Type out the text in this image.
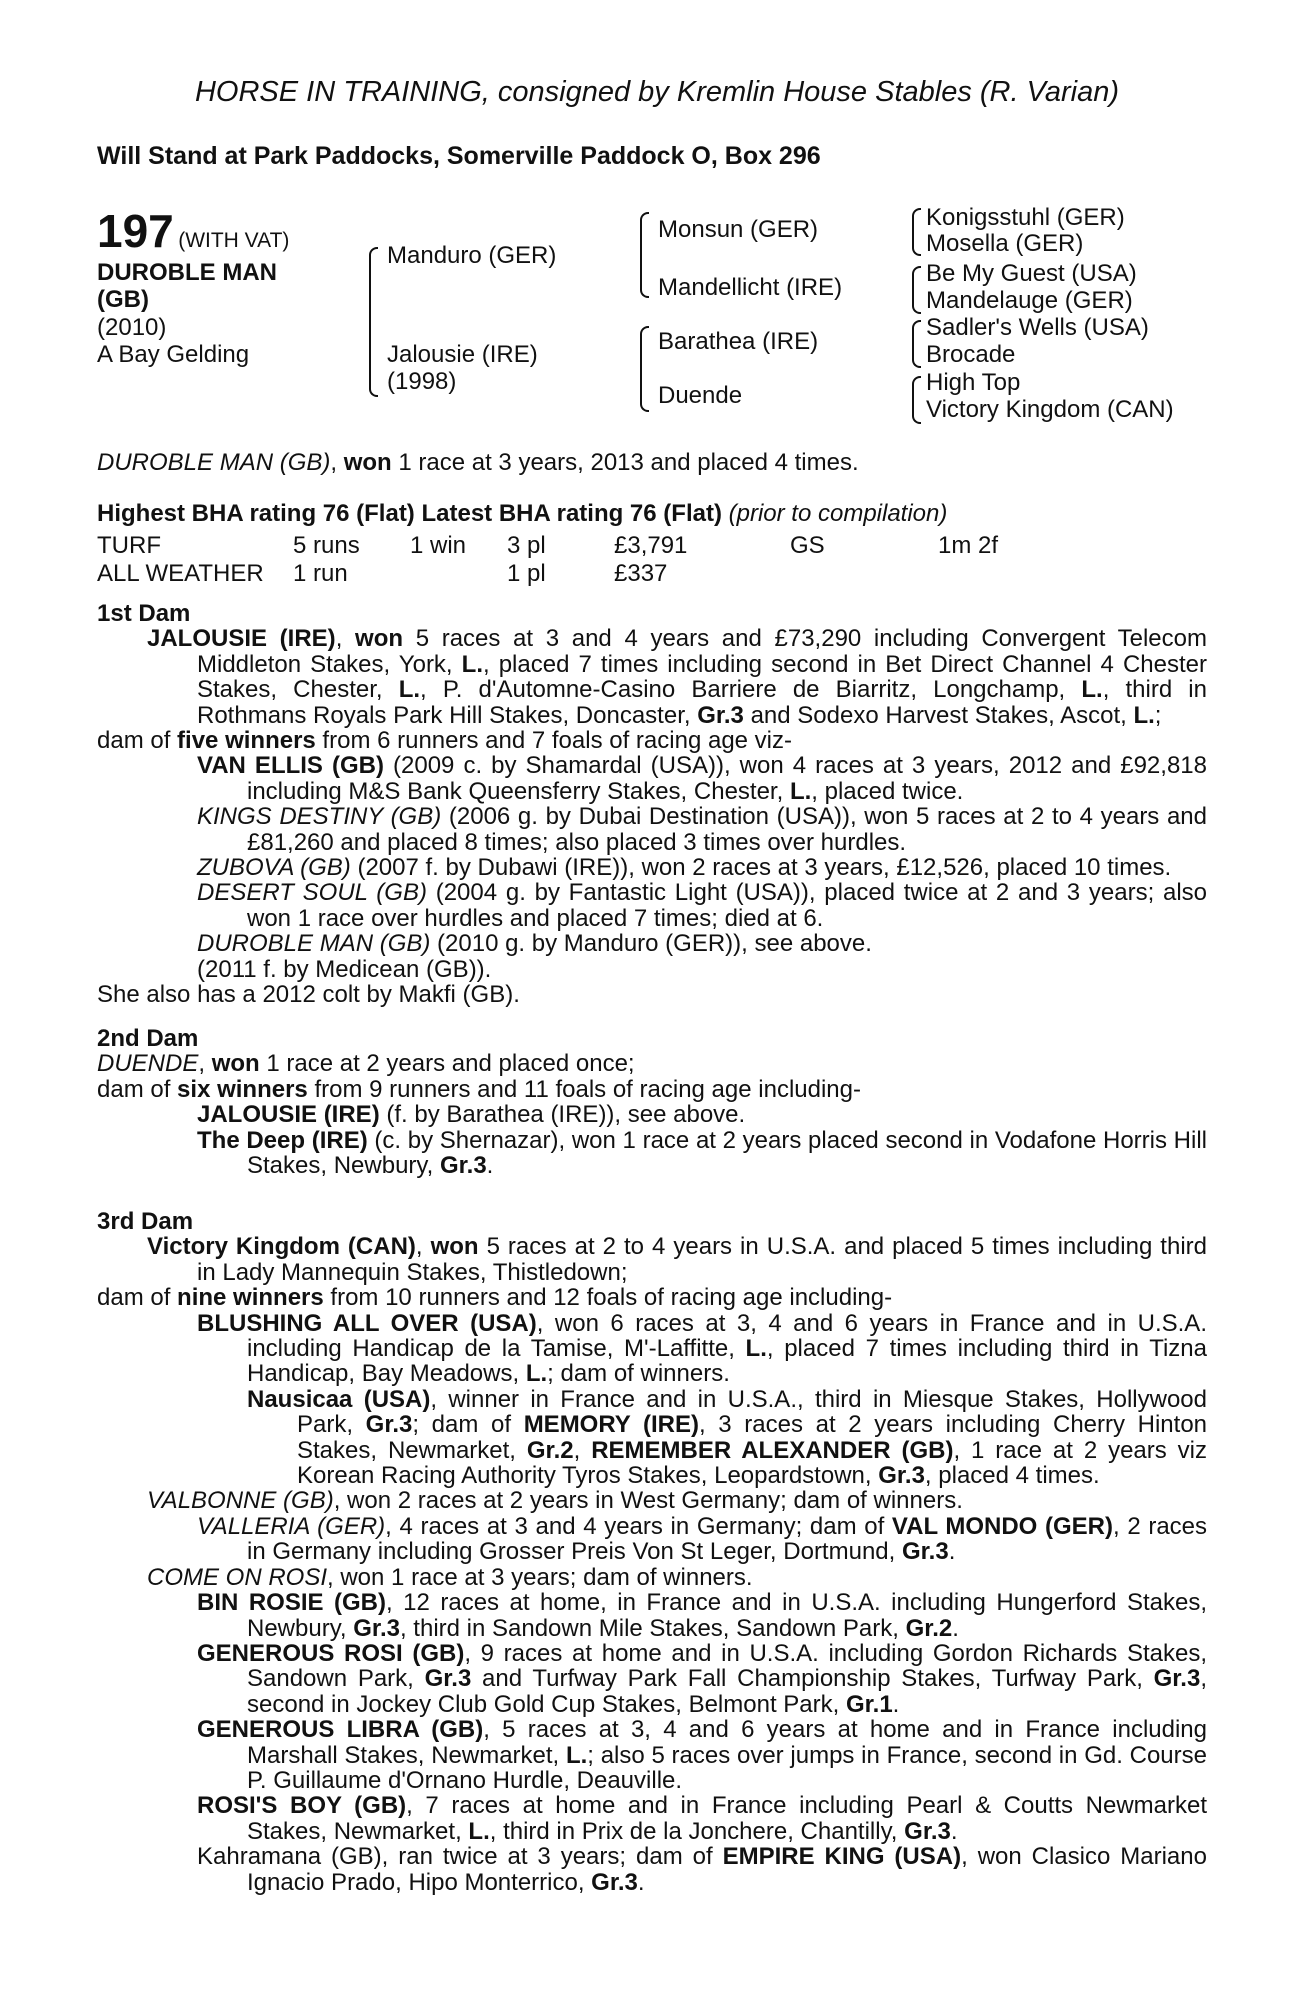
HORSE IN TRAINING, consigned by Kremlin House Stables (R. Varian)
Will Stand at Park Paddocks, Somerville Paddock O, Box 296
197 (WITH VAT)
DUROBLE MAN
(GB)
(2010)
A Bay Gelding
Manduro (GER)
Jalousie (IRE)
(1998)
Monsun (GER)
Mandellicht (IRE)
Barathea (IRE)
Duende
Konigsstuhl (GER)
Mosella (GER)
Be My Guest (USA)
Mandelauge (GER)
Sadler's Wells (USA)
Brocade
High Top
Victory Kingdom (CAN)
DUROBLE MAN (GB), won 1 race at 3 years, 2013 and placed 4 times.
Highest BHA rating 76 (Flat) Latest BHA rating 76 (Flat) (prior to compilation)
TURF	5 runs	1 win	3 pl	£3,791	GS	1m 2f
ALL WEATHER	1 run		1 pl	£337		

1st Dam

JALOUSIE (IRE), won 5 races at 3 and 4 years and £73,290 including Convergent Telecom Middleton Stakes, York, L., placed 7 times including second in Bet Direct Channel 4 Chester Stakes, Chester, L., P. d'Automne-Casino Barriere de Biarritz, Longchamp, L., third in Rothmans Royals Park Hill Stakes, Doncaster, Gr.3 and Sodexo Harvest Stakes, Ascot, L.;

dam of five winners from 6 runners and 7 foals of racing age viz-

VAN ELLIS (GB) (2009 c. by Shamardal (USA)), won 4 races at 3 years, 2012 and £92,818 including M&S Bank Queensferry Stakes, Chester, L., placed twice.

KINGS DESTINY (GB) (2006 g. by Dubai Destination (USA)), won 5 races at 2 to 4 years and £81,260 and placed 8 times; also placed 3 times over hurdles.

ZUBOVA (GB) (2007 f. by Dubawi (IRE)), won 2 races at 3 years, £12,526, placed 10 times.

DESERT SOUL (GB) (2004 g. by Fantastic Light (USA)), placed twice at 2 and 3 years; also won 1 race over hurdles and placed 7 times; died at 6.

DUROBLE MAN (GB) (2010 g. by Manduro (GER)), see above.

(2011 f. by Medicean (GB)).

She also has a 2012 colt by Makfi (GB).

2nd Dam

DUENDE, won 1 race at 2 years and placed once;

dam of six winners from 9 runners and 11 foals of racing age including-

JALOUSIE (IRE) (f. by Barathea (IRE)), see above.

The Deep (IRE) (c. by Shernazar), won 1 race at 2 years placed second in Vodafone Horris Hill Stakes, Newbury, Gr.3.

3rd Dam

Victory Kingdom (CAN), won 5 races at 2 to 4 years in U.S.A. and placed 5 times including third in Lady Mannequin Stakes, Thistledown;

dam of nine winners from 10 runners and 12 foals of racing age including-

BLUSHING ALL OVER (USA), won 6 races at 3, 4 and 6 years in France and in U.S.A. including Handicap de la Tamise, M'-Laffitte, L., placed 7 times including third in Tizna Handicap, Bay Meadows, L.; dam of winners.

Nausicaa (USA), winner in France and in U.S.A., third in Miesque Stakes, Hollywood Park, Gr.3; dam of MEMORY (IRE), 3 races at 2 years including Cherry Hinton Stakes, Newmarket, Gr.2, REMEMBER ALEXANDER (GB), 1 race at 2 years viz Korean Racing Authority Tyros Stakes, Leopardstown, Gr.3, placed 4 times.

VALBONNE (GB), won 2 races at 2 years in West Germany; dam of winners.

VALLERIA (GER), 4 races at 3 and 4 years in Germany; dam of VAL MONDO (GER), 2 races in Germany including Grosser Preis Von St Leger, Dortmund, Gr.3.

COME ON ROSI, won 1 race at 3 years; dam of winners.

BIN ROSIE (GB), 12 races at home, in France and in U.S.A. including Hungerford Stakes, Newbury, Gr.3, third in Sandown Mile Stakes, Sandown Park, Gr.2.

GENEROUS ROSI (GB), 9 races at home and in U.S.A. including Gordon Richards Stakes, Sandown Park, Gr.3 and Turfway Park Fall Championship Stakes, Turfway Park, Gr.3, second in Jockey Club Gold Cup Stakes, Belmont Park, Gr.1.

GENEROUS LIBRA (GB), 5 races at 3, 4 and 6 years at home and in France including Marshall Stakes, Newmarket, L.; also 5 races over jumps in France, second in Gd. Course P. Guillaume d'Ornano Hurdle, Deauville.

ROSI'S BOY (GB), 7 races at home and in France including Pearl & Coutts Newmarket Stakes, Newmarket, L., third in Prix de la Jonchere, Chantilly, Gr.3.

Kahramana (GB), ran twice at 3 years; dam of EMPIRE KING (USA), won Clasico Mariano Ignacio Prado, Hipo Monterrico, Gr.3.
